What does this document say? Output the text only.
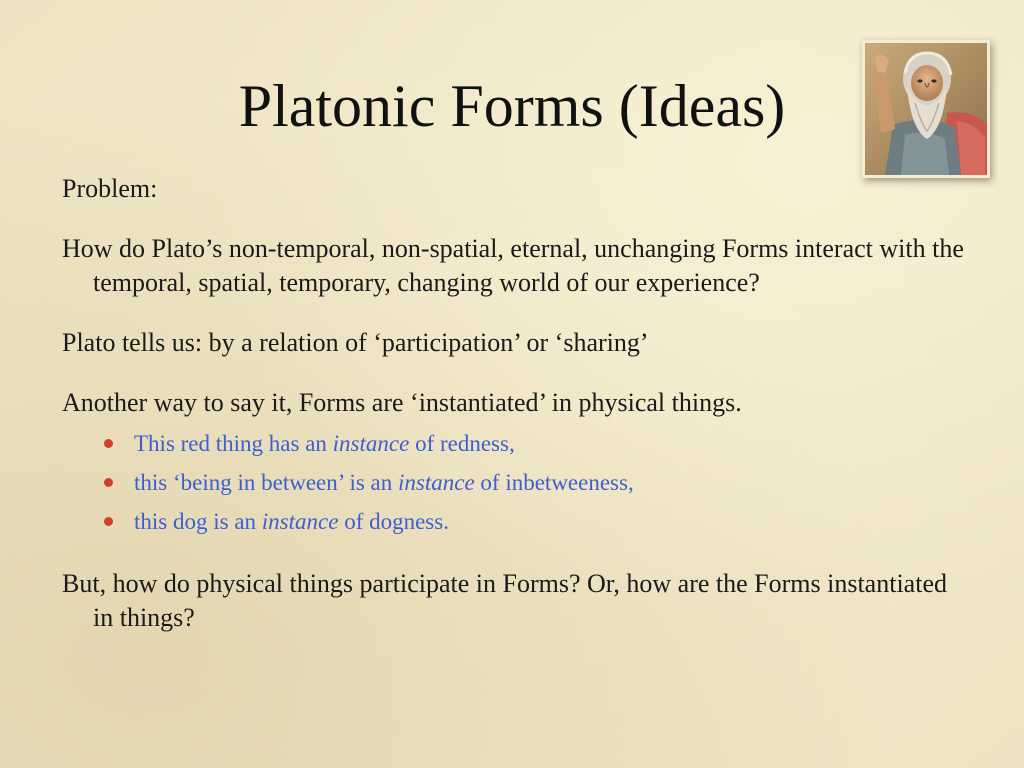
Platonic Forms (Ideas)

Problem:

How do Plato’s non-temporal, non-spatial, eternal, unchanging Forms interact with the temporal, spatial, temporary, changing world of our experience?

Plato tells us: by a relation of ‘participation’ or ‘sharing’

Another way to say it, Forms are ‘instantiated’ in physical things.

This red thing has an instance of redness,
this ‘being in between’ is an instance of inbetweeness,
this dog is an instance of dogness.

But, how do physical things participate in Forms? Or, how are the Forms instantiated in things?
